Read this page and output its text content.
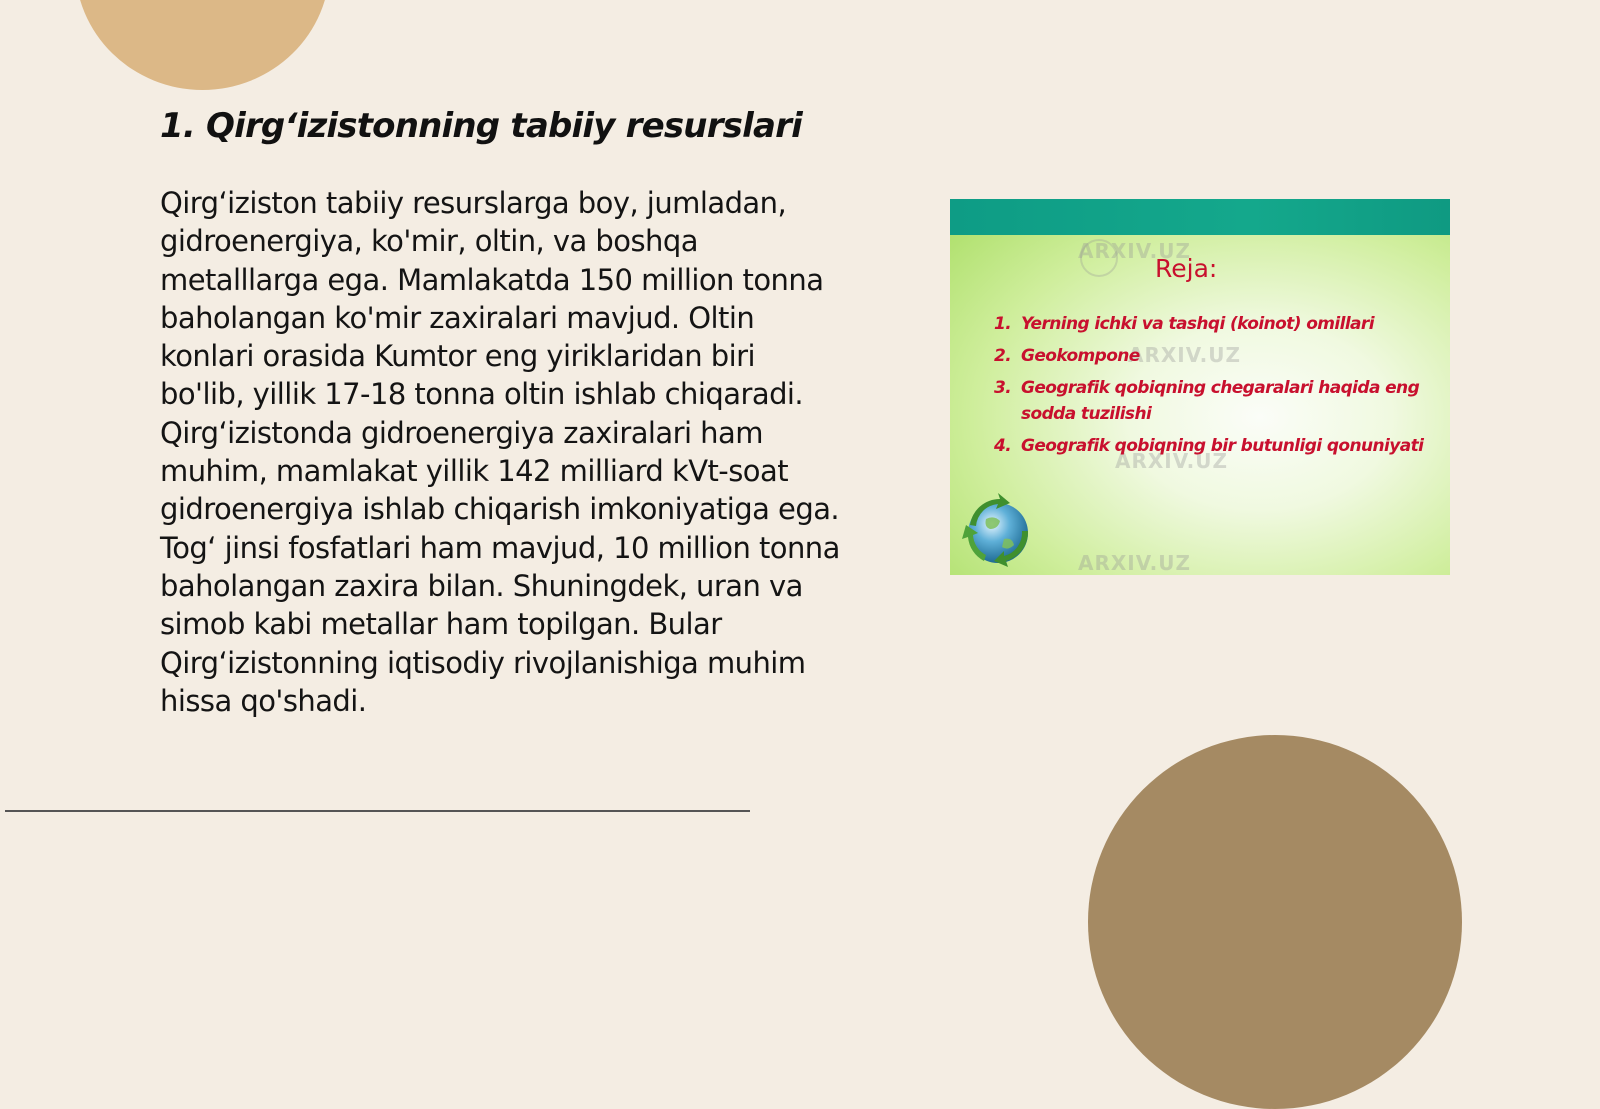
1. Qirg‘izistonning tabiiy resurslari

Qirg‘iziston tabiiy resurslarga boy, jumladan, gidroenergiya, ko'mir, oltin, va boshqa metalllarga ega. Mamlakatda 150 million tonna baholangan ko'mir zaxiralari mavjud. Oltin konlari orasida Kumtor eng yiriklaridan biri bo'lib, yillik 17-18 tonna oltin ishlab chiqaradi. Qirg‘izistonda gidroenergiya zaxiralari ham muhim, mamlakat yillik 142 milliard kVt-soat gidroenergiya ishlab chiqarish imkoniyatiga ega. Tog‘ jinsi fosfatlari ham mavjud, 10 million tonna baholangan zaxira bilan. Shuningdek, uran va simob kabi metallar ham topilgan. Bular Qirg‘izistonning iqtisodiy rivojlanishiga muhim hissa qo'shadi.

ARXIV.UZ
ARXIV.UZ
ARXIV.UZ
ARXIV.UZ
Reja:
1. Yerning ichki va tashqi (koinot) omillari
2. Geokompone
3. Geografik qobiqning chegaralari haqida eng sodda tuzilishi
4. Geografik qobiqning bir butunligi qonuniyati
